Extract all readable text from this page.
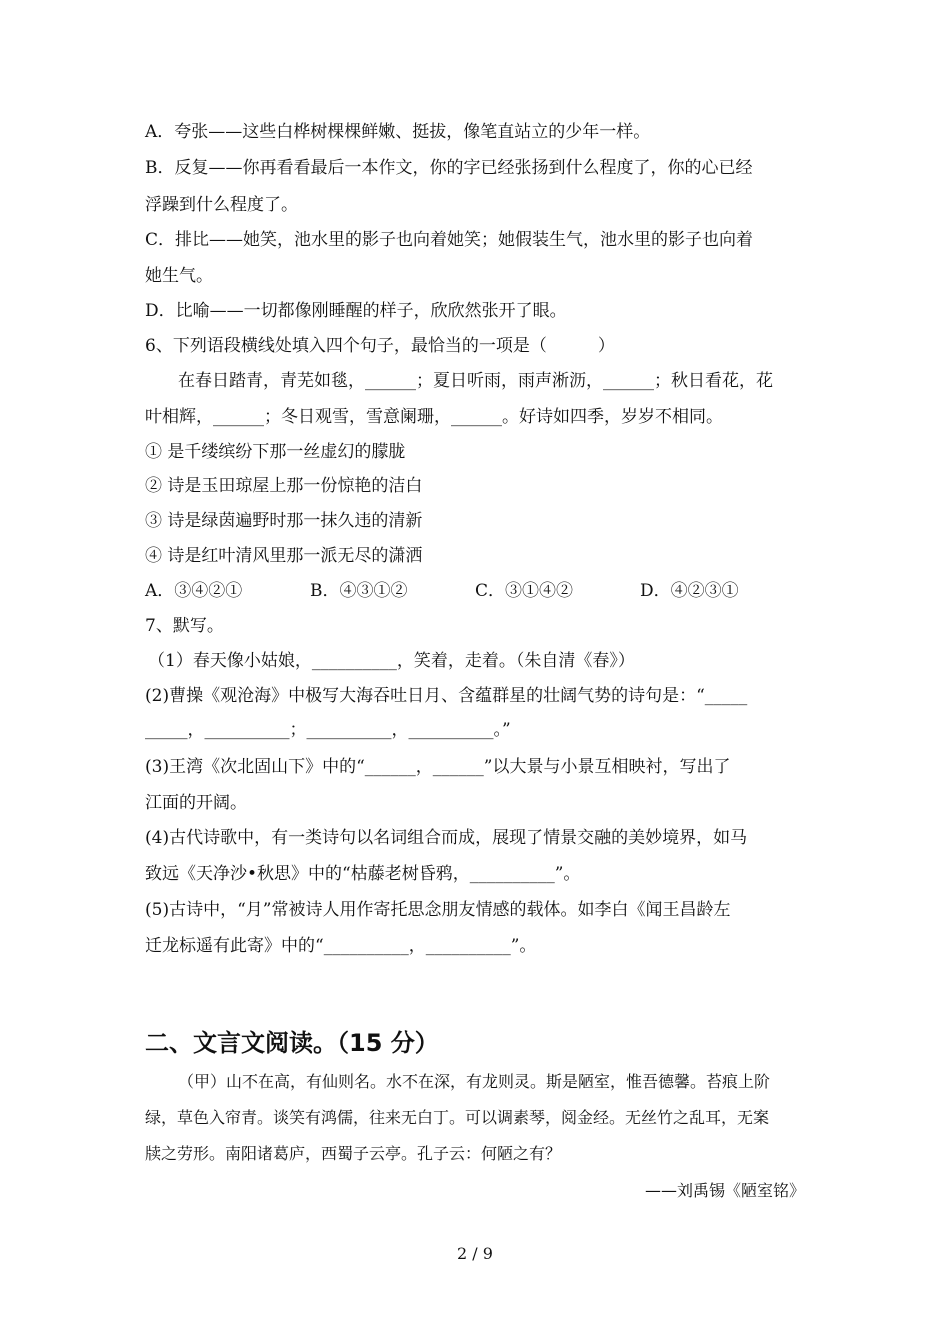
A．夸张——这些白桦树棵棵鲜嫩、挺拔，像笔直站立的少年一样。
B．反复——你再看看最后一本作文，你的字已经张扬到什么程度了，你的心已经
浮躁到什么程度了。
C．排比——她笑，池水里的影子也向着她笑；她假装生气，池水里的影子也向着
她生气。
D．比喻——一切都像刚睡醒的样子，欣欣然张开了眼。
6、下列语段横线处填入四个句子，最恰当的一项是（　　　）
在春日踏青，青芜如毯，______；夏日听雨，雨声淅沥，______；秋日看花，花
叶相辉，______；冬日观雪，雪意阑珊，______。好诗如四季，岁岁不相同。
① 是千缕缤纷下那一丝虚幻的朦胧
② 诗是玉田琼屋上那一份惊艳的洁白
③ 诗是绿茵遍野时那一抹久违的清新
④ 诗是红叶清风里那一派无尽的潇洒
A．③④②①	B．④③①②	C．③①④②	D．④②③①
7、默写。
（1）春天像小姑娘，__________，笑着，走着。（朱自清《春》）
(2)曹操《观沧海》中极写大海吞吐日月、含蕴群星的壮阔气势的诗句是：“_____
_____，__________；__________，__________。”
(3)王湾《次北固山下》中的“______，______”以大景与小景互相映衬，写出了
江面的开阔。
(4)古代诗歌中，有一类诗句以名词组合而成，展现了情景交融的美妙境界，如马
致远《天净沙•秋思》中的“枯藤老树昏鸦，__________”。
(5)古诗中，“月”常被诗人用作寄托思念朋友情感的载体。如李白《闻王昌龄左
迁龙标遥有此寄》中的“__________，__________”。
二、文言文阅读。（15 分）
（甲）山不在高，有仙则名。水不在深，有龙则灵。斯是陋室，惟吾德馨。苔痕上阶
绿，草色入帘青。谈笑有鸿儒，往来无白丁。可以调素琴，阅金经。无丝竹之乱耳，无案
牍之劳形。南阳诸葛庐，西蜀子云亭。孔子云：何陋之有？
——刘禹锡《陋室铭》
2 / 9
